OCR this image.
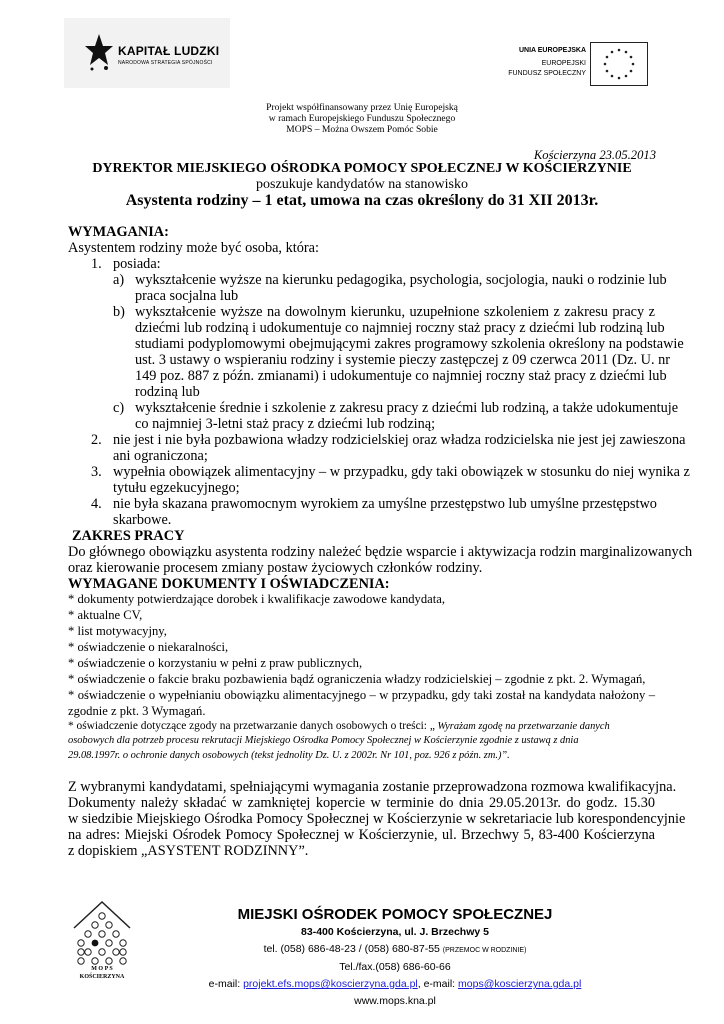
KAPITAŁ LUDZKI
NARODOWA STRATEGIA SPÓJNOŚCI
UNIA EUROPEJSKA
EUROPEJSKI
FUNDUSZ SPOŁECZNY
Projekt współfinansowany przez Unię Europejską
w ramach Europejskiego Funduszu Społecznego
MOPS – Można Owszem Pomóc Sobie
Kościerzyna 23.05.2013
DYREKTOR MIEJSKIEGO OŚRODKA POMOCY SPOŁECZNEJ W KOŚCIERZYNIE
poszukuje kandydatów na stanowisko
Asystenta rodziny – 1 etat, umowa na czas określony do 31 XII 2013r.
WYMAGANIA:
Asystentem rodziny może być osoba, która:
1. posiada:
a) wykształcenie wyższe na kierunku pedagogika, psychologia, socjologia, nauki o rodzinie lub
praca socjalna lub
b) wykształcenie wyższe na dowolnym kierunku, uzupełnione szkoleniem z zakresu pracy z
dziećmi lub rodziną i udokumentuje co najmniej roczny staż pracy z dziećmi lub rodziną lub
studiami podyplomowymi obejmującymi zakres programowy szkolenia określony na podstawie
ust. 3 ustawy o wspieraniu rodziny i systemie pieczy zastępczej z 09 czerwca 2011 (Dz. U. nr
149 poz. 887 z późn. zmianami) i udokumentuje co najmniej roczny staż pracy z dziećmi lub
rodziną lub
c) wykształcenie średnie i szkolenie z zakresu pracy z dziećmi lub rodziną, a także udokumentuje
co najmniej 3-letni staż pracy z dziećmi lub rodziną;
2. nie jest i nie była pozbawiona władzy rodzicielskiej oraz władza rodzicielska nie jest jej zawieszona
ani ograniczona;
3. wypełnia obowiązek alimentacyjny – w przypadku, gdy taki obowiązek w stosunku do niej wynika z
tytułu egzekucyjnego;
4. nie była skazana prawomocnym wyrokiem za umyślne przestępstwo lub umyślne przestępstwo
skarbowe.
ZAKRES PRACY
Do głównego obowiązku asystenta rodziny należeć będzie wsparcie i aktywizacja rodzin marginalizowanych
oraz kierowanie procesem zmiany postaw życiowych członków rodziny.
WYMAGANE DOKUMENTY I OŚWIADCZENIA:
* dokumenty potwierdzające dorobek i kwalifikacje zawodowe kandydata,
* aktualne CV,
* list motywacyjny,
* oświadczenie o niekaralności,
* oświadczenie o korzystaniu w pełni z praw publicznych,
* oświadczenie o fakcie braku pozbawienia bądź ograniczenia władzy rodzicielskiej – zgodnie z pkt. 2. Wymagań,
* oświadczenie o wypełnianiu obowiązku alimentacyjnego – w przypadku, gdy taki został na kandydata nałożony –
zgodnie z pkt. 3 Wymagań.
* oświadczenie dotyczące zgody na przetwarzanie danych osobowych o treści: „ Wyrażam zgodę na przetwarzanie danych
osobowych dla potrzeb procesu rekrutacji Miejskiego Ośrodka Pomocy Społecznej w Kościerzynie zgodnie z ustawą z dnia
29.08.1997r. o ochronie danych osobowych (tekst jednolity Dz. U. z 2002r. Nr 101, poz. 926 z późn. zm.)”.
Z wybranymi kandydatami, spełniającymi wymagania zostanie przeprowadzona rozmowa kwalifikacyjna.
Dokumenty należy składać w zamkniętej kopercie w terminie do dnia 29.05.2013r. do godz. 15.30
w siedzibie Miejskiego Ośrodka Pomocy Społecznej w Kościerzynie w sekretariacie lub korespondencyjnie
na adres: Miejski Ośrodek Pomocy Społecznej w Kościerzynie, ul. Brzechwy 5, 83-400 Kościerzyna
z dopiskiem „ASYSTENT RODZINNY”.
M O P S
KOŚCIERZYNA
MIEJSKI OŚRODEK POMOCY SPOŁECZNEJ
83-400 Kościerzyna, ul. J. Brzechwy 5
tel. (058) 686-48-23 / (058) 680-87-55 (PRZEMOC W RODZINIE)
Tel./fax.(058) 686-60-66
e-mail: projekt.efs.mops@koscierzyna.gda.pl, e-mail: mops@koscierzyna.gda.pl
www.mops.kna.pl
